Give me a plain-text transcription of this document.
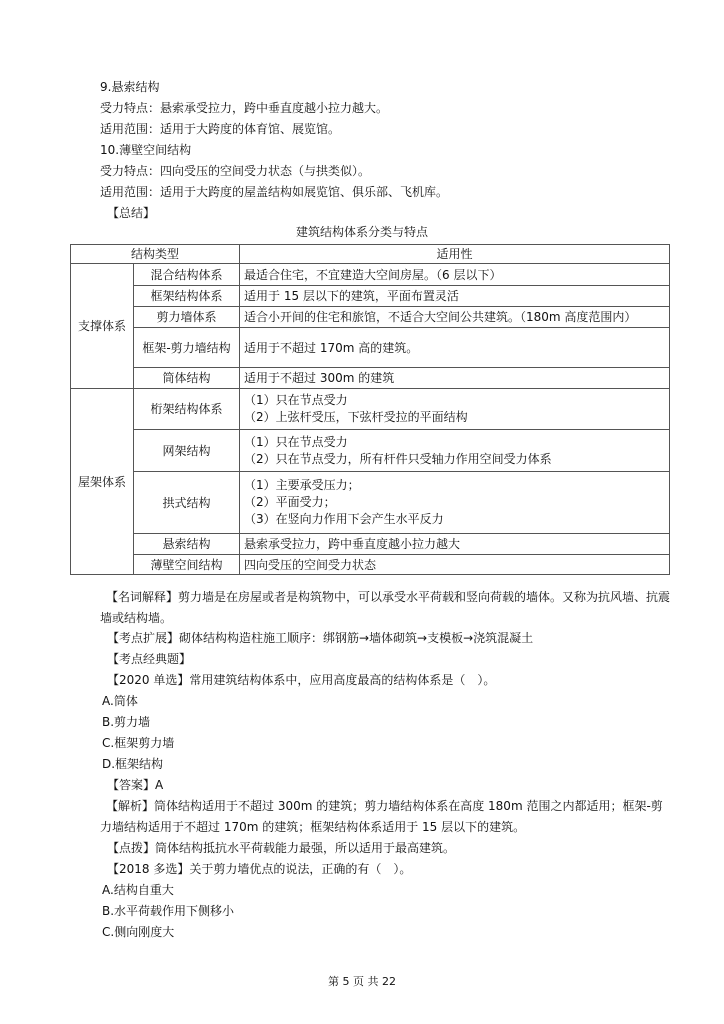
9.悬索结构
受力特点：悬索承受拉力，跨中垂直度越小拉力越大。
适用范围：适用于大跨度的体育馆、展览馆。
10.薄壁空间结构
受力特点：四向受压的空间受力状态（与拱类似）。
适用范围：适用于大跨度的屋盖结构如展览馆、俱乐部、飞机库。
【总结】
建筑结构体系分类与特点
结构类型		适用性
支撑体系	混合结构体系	最适合住宅，不宜建造大空间房屋。（6 层以下）
	框架结构体系	适用于 15 层以下的建筑，平面布置灵活
	剪力墙体系	适合小开间的住宅和旅馆，不适合大空间公共建筑。（180m 高度范围内）
	框架-剪力墙结构	适用于不超过 170m 高的建筑。
	筒体结构	适用于不超过 300m 的建筑
屋架体系	桁架结构体系	（1）只在节点受力
（2）上弦杆受压，下弦杆受拉的平面结构

	网架结构	（1）只在节点受力
（2）只在节点受力，所有杆件只受轴力作用空间受力体系

	拱式结构	（1）主要承受压力；
（2）平面受力；
（3）在竖向力作用下会产生水平反力

	悬索结构	悬索承受拉力，跨中垂直度越小拉力越大
	薄壁空间结构	四向受压的空间受力状态
【名词解释】剪力墙是在房屋或者是构筑物中，可以承受水平荷载和竖向荷载的墙体。又称为抗风墙、抗震墙或结构墙。
【考点扩展】砌体结构构造柱施工顺序：绑钢筋→墙体砌筑→支模板→浇筑混凝土
【考点经典题】
【2020 单选】常用建筑结构体系中，应用高度最高的结构体系是（　）。
A.筒体
B.剪力墙
C.框架剪力墙
D.框架结构
【答案】A
【解析】筒体结构适用于不超过 300m 的建筑；剪力墙结构体系在高度 180m 范围之内都适用；框架-剪力墙结构适用于不超过 170m 的建筑；框架结构体系适用于 15 层以下的建筑。
【点拨】筒体结构抵抗水平荷载能力最强，所以适用于最高建筑。
【2018 多选】关于剪力墙优点的说法，正确的有（　）。
A.结构自重大
B.水平荷载作用下侧移小
C.侧向刚度大
第 5 页 共 22
